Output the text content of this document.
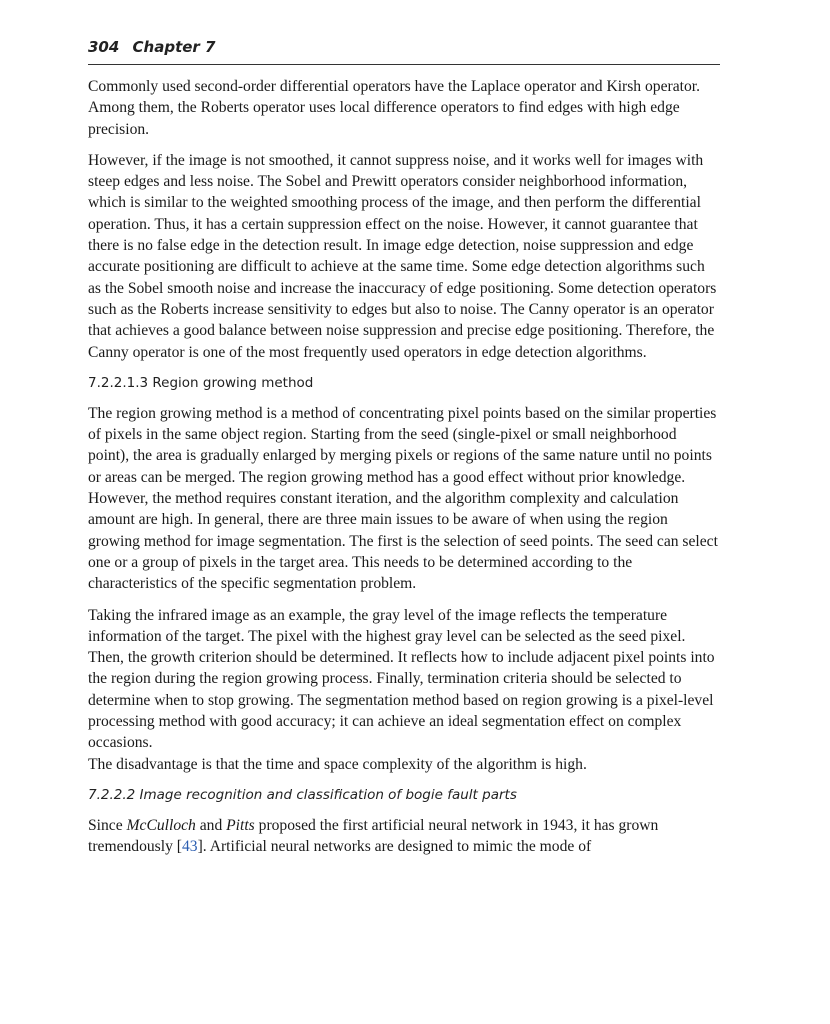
304 Chapter 7

Commonly used second-order differential operators have the Laplace operator and Kirsh operator. Among them, the Roberts operator uses local difference operators to find edges with high edge precision.

However, if the image is not smoothed, it cannot suppress noise, and it works well for images with steep edges and less noise. The Sobel and Prewitt operators consider neighborhood information, which is similar to the weighted smoothing process of the image, and then perform the differential operation. Thus, it has a certain suppression effect on the noise. However, it cannot guarantee that there is no false edge in the detection result. In image edge detection, noise suppression and edge accurate positioning are difficult to achieve at the same time. Some edge detection algorithms such as the Sobel smooth noise and increase the inaccuracy of edge positioning. Some detection operators such as the Roberts increase sensitivity to edges but also to noise. The Canny operator is an operator that achieves a good balance between noise suppression and precise edge positioning. Therefore, the Canny operator is one of the most frequently used operators in edge detection algorithms.

7.2.2.1.3 Region growing method

The region growing method is a method of concentrating pixel points based on the similar properties of pixels in the same object region. Starting from the seed (single-pixel or small neighborhood point), the area is gradually enlarged by merging pixels or regions of the same nature until no points or areas can be merged. The region growing method has a good effect without prior knowledge. However, the method requires constant iteration, and the algorithm complexity and calculation amount are high. In general, there are three main issues to be aware of when using the region growing method for image segmentation. The first is the selection of seed points. The seed can select one or a group of pixels in the target area. This needs to be determined according to the characteristics of the specific segmentation problem.

Taking the infrared image as an example, the gray level of the image reflects the temperature information of the target. The pixel with the highest gray level can be selected as the seed pixel. Then, the growth criterion should be determined. It reflects how to include adjacent pixel points into the region during the region growing process. Finally, termination criteria should be selected to determine when to stop growing. The segmentation method based on region growing is a pixel-level processing method with good accuracy; it can achieve an ideal segmentation effect on complex occasions.
The disadvantage is that the time and space complexity of the algorithm is high.

7.2.2.2 Image recognition and classification of bogie fault parts

Since McCulloch and Pitts proposed the first artificial neural network in 1943, it has grown tremendously [43]. Artificial neural networks are designed to mimic the mode of
